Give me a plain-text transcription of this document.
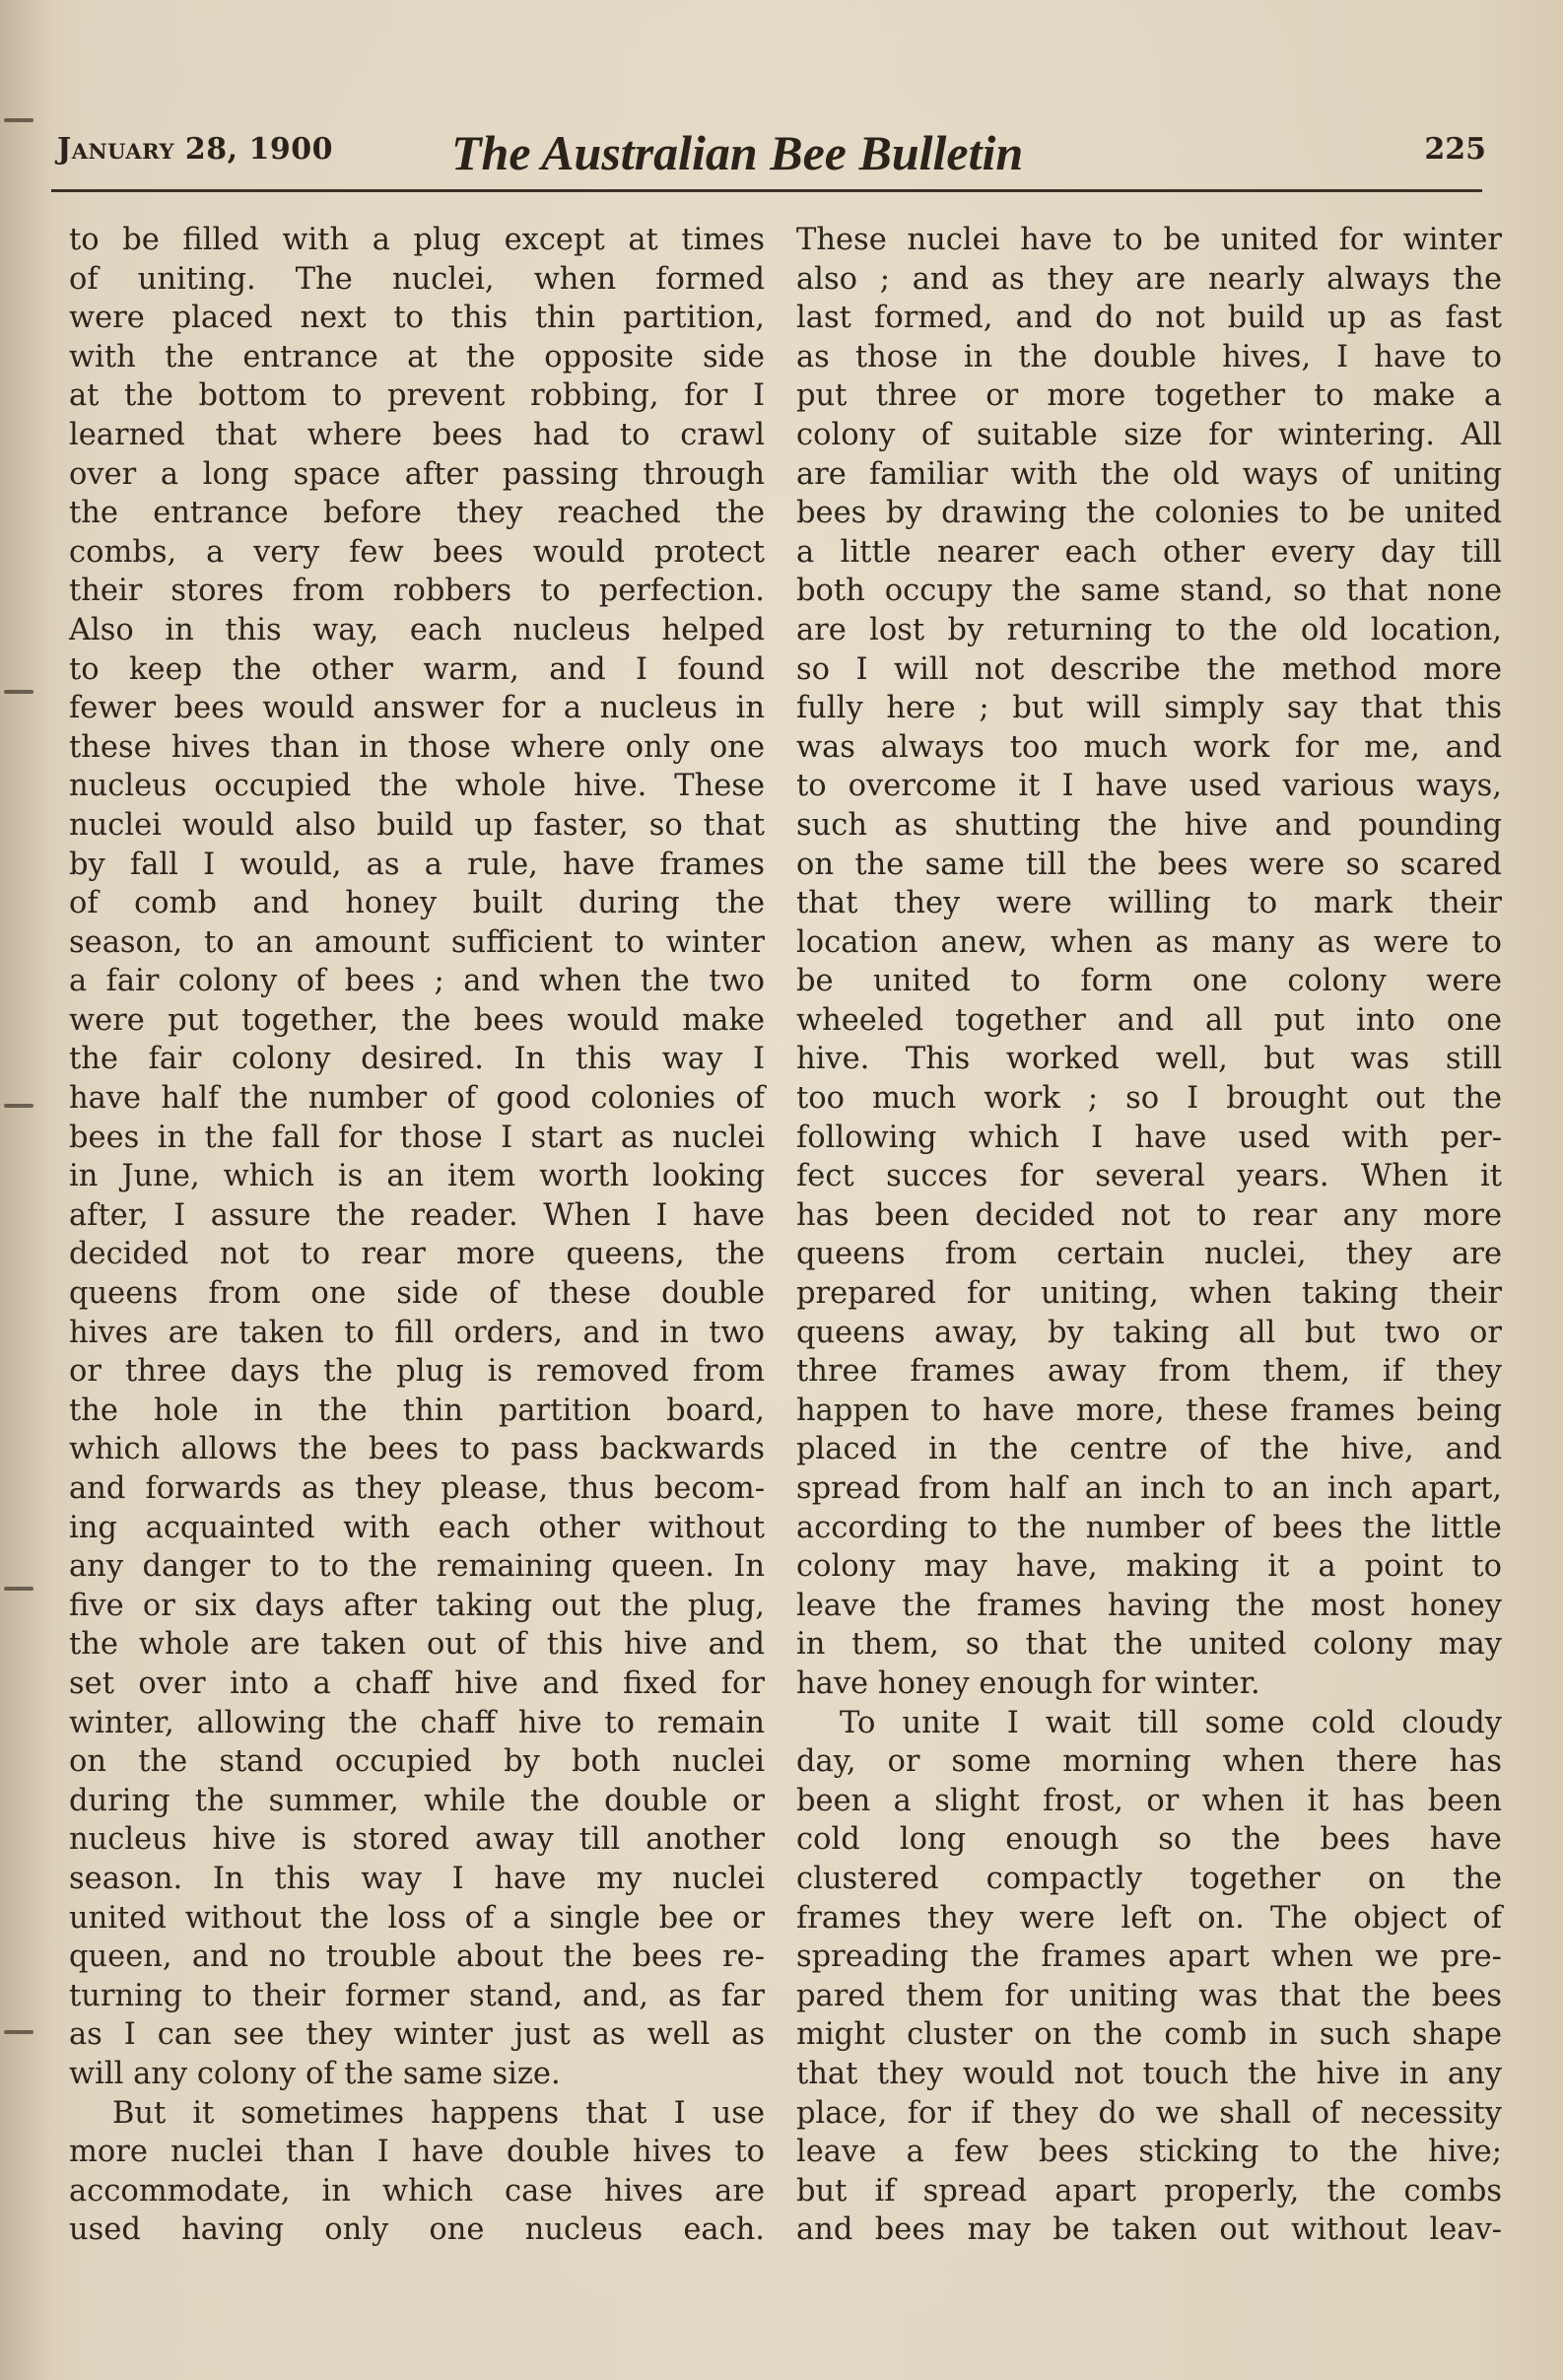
January 28, 1900 The Australian Bee Bulletin	225
to be filled with a plug except at times
of uniting. The nuclei, when formed
were placed next to this thin partition,
with the entrance at the opposite side
at the bottom to prevent robbing, for I
learned that where bees had to crawl
over a long space after passing through
the entrance before they reached the
combs, a very few bees would protect
their stores from robbers to perfection.
Also in this way, each nucleus helped
to keep the other warm, and I found
fewer bees would answer for a nucleus in
these hives than in those where only one
nucleus occupied the whole hive. These
nuclei would also build up faster, so that
by fall I would, as a rule, have frames
of comb and honey built during the
season, to an amount sufficient to winter
a fair colony of bees ; and when the two
were put together, the bees would make
the fair colony desired. In this way I
have half the number of good colonies of
bees in the fall for those I start as nuclei
in June, which is an item worth looking
after, I assure the reader. When I have
decided not to rear more queens, the
queens from one side of these double
hives are taken to fill orders, and in two
or three days the plug is removed from
the hole in the thin partition board,
which allows the bees to pass backwards
and forwards as they please, thus becom-
ing acquainted with each other without
any danger to to the remaining queen. In
five or six days after taking out the plug,
the whole are taken out of this hive and
set over into a chaff hive and fixed for
winter, allowing the chaff hive to remain
on the stand occupied by both nuclei
during the summer, while the double or
nucleus hive is stored away till another
season. In this way I have my nuclei
united without the loss of a single bee or
queen, and no trouble about the bees re-
turning to their former stand, and, as far
as I can see they winter just as well as
will any colony of the same size.
But it sometimes happens that I use
more nuclei than I have double hives to
accommodate, in which case hives are
used having only one nucleus each.
These nuclei have to be united for winter
also ; and as they are nearly always the
last formed, and do not build up as fast
as those in the double hives, I have to
put three or more together to make a
colony of suitable size for wintering. All
are familiar with the old ways of uniting
bees by drawing the colonies to be united
a little nearer each other every day till
both occupy the same stand, so that none
are lost by returning to the old location,
so I will not describe the method more
fully here ; but will simply say that this
was always too much work for me, and
to overcome it I have used various ways,
such as shutting the hive and pounding
on the same till the bees were so scared
that they were willing to mark their
location anew, when as many as were to
be united to form one colony were
wheeled together and all put into one
hive. This worked well, but was still
too much work ; so I brought out the
following which I have used with per-
fect succes for several years. When it
has been decided not to rear any more
queens from certain nuclei, they are
prepared for uniting, when taking their
queens away, by taking all but two or
three frames away from them, if they
happen to have more, these frames being
placed in the centre of the hive, and
spread from half an inch to an inch apart,
according to the number of bees the little
colony may have, making it a point to
leave the frames having the most honey
in them, so that the united colony may
have honey enough for winter.
To unite I wait till some cold cloudy
day, or some morning when there has
been a slight frost, or when it has been
cold long enough so the bees have
clustered compactly together on the
frames they were left on. The object of
spreading the frames apart when we pre-
pared them for uniting was that the bees
might cluster on the comb in such shape
that they would not touch the hive in any
place, for if they do we shall of necessity
leave a few bees sticking to the hive;
but if spread apart properly, the combs
and bees may be taken out without leav-
